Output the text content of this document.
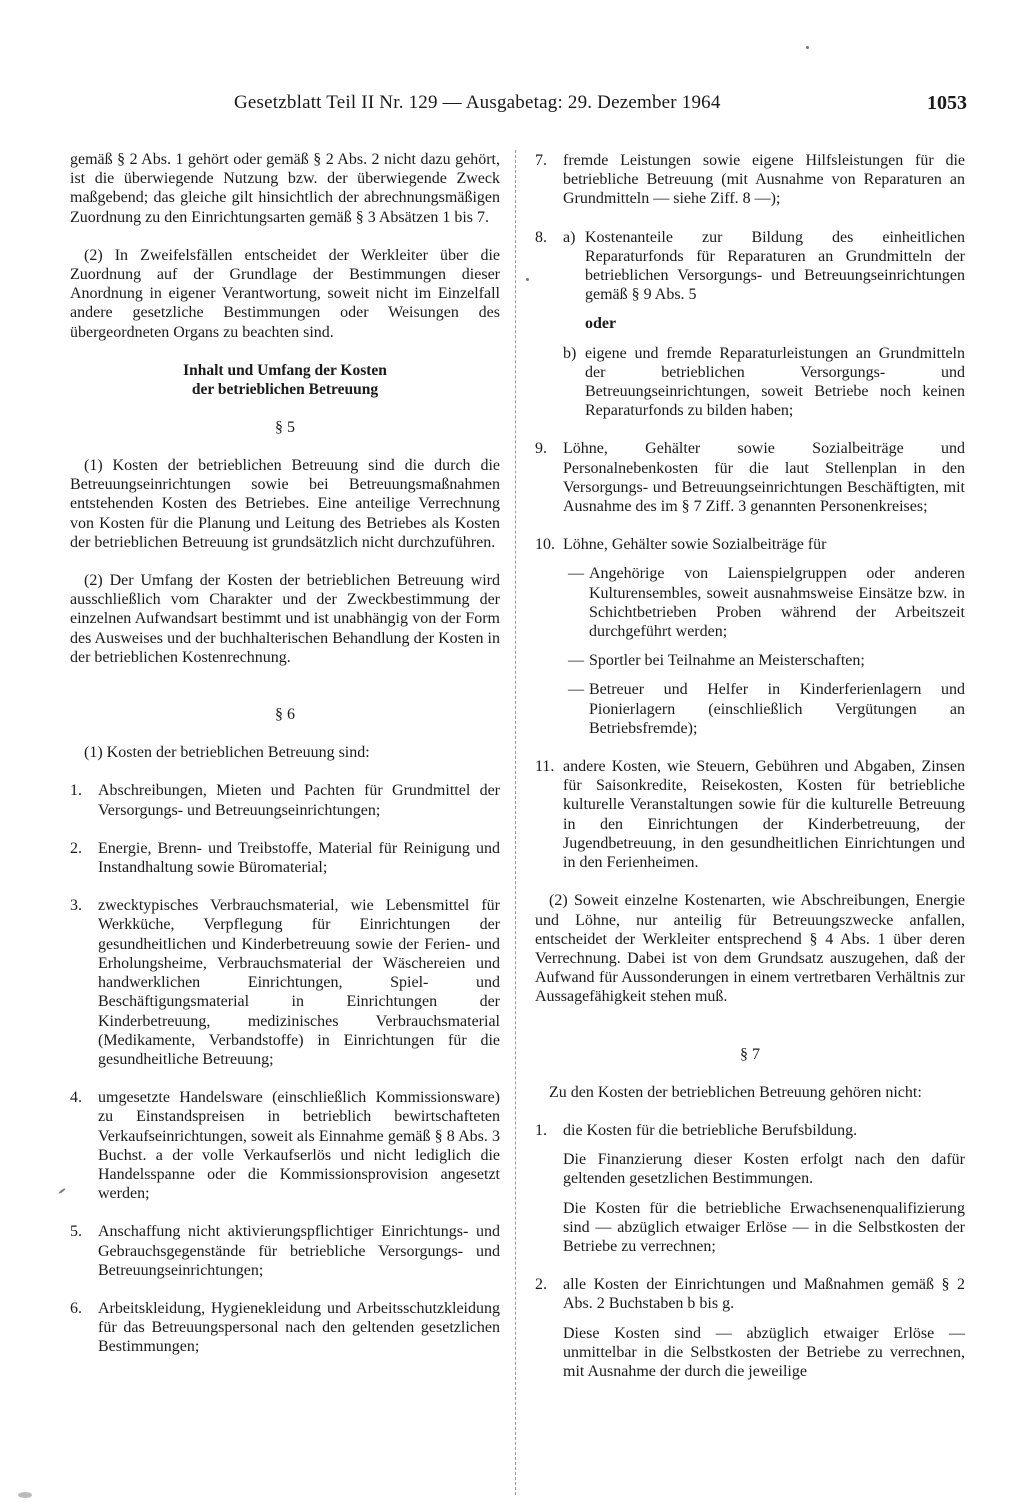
Gesetzblatt Teil II Nr. 129 — Ausgabetag: 29. Dezember 1964	1053

gemäß § 2 Abs. 1 gehört oder gemäß § 2 Abs. 2 nicht dazu gehört, ist die überwiegende Nutzung bzw. der überwiegende Zweck maßgebend; das gleiche gilt hinsichtlich der abrechnungsmäßigen Zuordnung zu den Einrichtungsarten gemäß § 3 Absätzen 1 bis 7.

(2) In Zweifelsfällen entscheidet der Werkleiter über die Zuordnung auf der Grundlage der Bestimmungen dieser Anordnung in eigener Verantwortung, soweit nicht im Einzelfall andere gesetzliche Bestimmungen oder Weisungen des übergeordneten Organs zu beachten sind.

Inhalt und Umfang der Kosten
der betrieblichen Betreuung
§ 5

(1) Kosten der betrieblichen Betreuung sind die durch die Betreuungseinrichtungen sowie bei Betreuungsmaßnahmen entstehenden Kosten des Betriebes. Eine anteilige Verrechnung von Kosten für die Planung und Leitung des Betriebes als Kosten der betrieblichen Betreuung ist grundsätzlich nicht durchzuführen.

(2) Der Umfang der Kosten der betrieblichen Betreuung wird ausschließlich vom Charakter und der Zweckbestimmung der einzelnen Aufwandsart bestimmt und ist unabhängig von der Form des Ausweises und der buchhalterischen Behandlung der Kosten in der betrieblichen Kostenrechnung.

§ 6

(1) Kosten der betrieblichen Betreuung sind:

1.	Abschreibungen, Mieten und Pachten für Grundmittel der Versorgungs- und Betreuungseinrichtungen;
2.	Energie, Brenn- und Treibstoffe, Material für Reinigung und Instandhaltung sowie Büromaterial;
3.	zwecktypisches Verbrauchsmaterial, wie Lebensmittel für Werkküche, Verpflegung für Einrichtungen der gesundheitlichen und Kinderbetreuung sowie der Ferien- und Erholungsheime, Verbrauchsmaterial der Wäschereien und handwerklichen Einrichtungen, Spiel- und Beschäftigungsmaterial in Einrichtungen der Kinderbetreuung, medizinisches Verbrauchsmaterial (Medikamente, Verbandstoffe) in Einrichtungen für die gesundheitliche Betreuung;
4.	umgesetzte Handelsware (einschließlich Kommissionsware) zu Einstandspreisen in betrieblich bewirtschafteten Verkaufseinrichtungen, soweit als Einnahme gemäß § 8 Abs. 3 Buchst. a der volle Verkaufserlös und nicht lediglich die Handelsspanne oder die Kommissionsprovision angesetzt werden;
5.	Anschaffung nicht aktivierungspflichtiger Einrichtungs- und Gebrauchsgegenstände für betriebliche Versorgungs- und Betreuungseinrichtungen;
6.	Arbeitskleidung, Hygienekleidung und Arbeitsschutzkleidung für das Betreuungspersonal nach den geltenden gesetzlichen Bestimmungen;
7.	fremde Leistungen sowie eigene Hilfsleistungen für die betriebliche Betreuung (mit Ausnahme von Reparaturen an Grundmitteln — siehe Ziff. 8 —);
8.	a) Kostenanteile zur Bildung des einheitlichen Reparaturfonds für Reparaturen an Grundmitteln der betrieblichen Versorgungs- und Betreuungseinrichtungen gemäß § 9 Abs. 5
oder
b) eigene und fremde Reparaturleistungen an Grundmitteln der betrieblichen Versorgungs- und Betreuungseinrichtungen, soweit Betriebe noch keinen Reparaturfonds zu bilden haben;
9.	Löhne, Gehälter sowie Sozialbeiträge und Personalnebenkosten für die laut Stellenplan in den Versorgungs- und Betreuungseinrichtungen Beschäftigten, mit Ausnahme des im § 7 Ziff. 3 genannten Personenkreises;
10. Löhne, Gehälter sowie Sozialbeiträge für
— Angehörige von Laienspielgruppen oder anderen Kulturensembles, soweit ausnahmsweise Einsätze bzw. in Schichtbetrieben Proben während der Arbeitszeit durchgeführt werden;
— Sportler bei Teilnahme an Meisterschaften;
— Betreuer und Helfer in Kinderferienlagern und Pionierlagern (einschließlich Vergütungen an Betriebsfremde);
11. andere Kosten, wie Steuern, Gebühren und Abgaben, Zinsen für Saisonkredite, Reisekosten, Kosten für betriebliche kulturelle Veranstaltungen sowie für die kulturelle Betreuung in den Einrichtungen der Kinderbetreuung, der Jugendbetreuung, in den gesundheitlichen Einrichtungen und in den Ferienheimen.

(2) Soweit einzelne Kostenarten, wie Abschreibungen, Energie und Löhne, nur anteilig für Betreuungszwecke anfallen, entscheidet der Werkleiter entsprechend § 4 Abs. 1 über deren Verrechnung. Dabei ist von dem Grundsatz auszugehen, daß der Aufwand für Aussonderungen in einem vertretbaren Verhältnis zur Aussagefähigkeit stehen muß.

§ 7

Zu den Kosten der betrieblichen Betreuung gehören nicht:

1.	die Kosten für die betriebliche Berufsbildung.

Die Finanzierung dieser Kosten erfolgt nach den dafür geltenden gesetzlichen Bestimmungen.

Die Kosten für die betriebliche Erwachsenenqualifizierung sind — abzüglich etwaiger Erlöse — in die Selbstkosten der Betriebe zu verrechnen;

2.	alle Kosten der Einrichtungen und Maßnahmen gemäß § 2 Abs. 2 Buchstaben b bis g.

Diese Kosten sind — abzüglich etwaiger Erlöse — unmittelbar in die Selbstkosten der Betriebe zu verrechnen, mit Ausnahme der durch die jeweilige
